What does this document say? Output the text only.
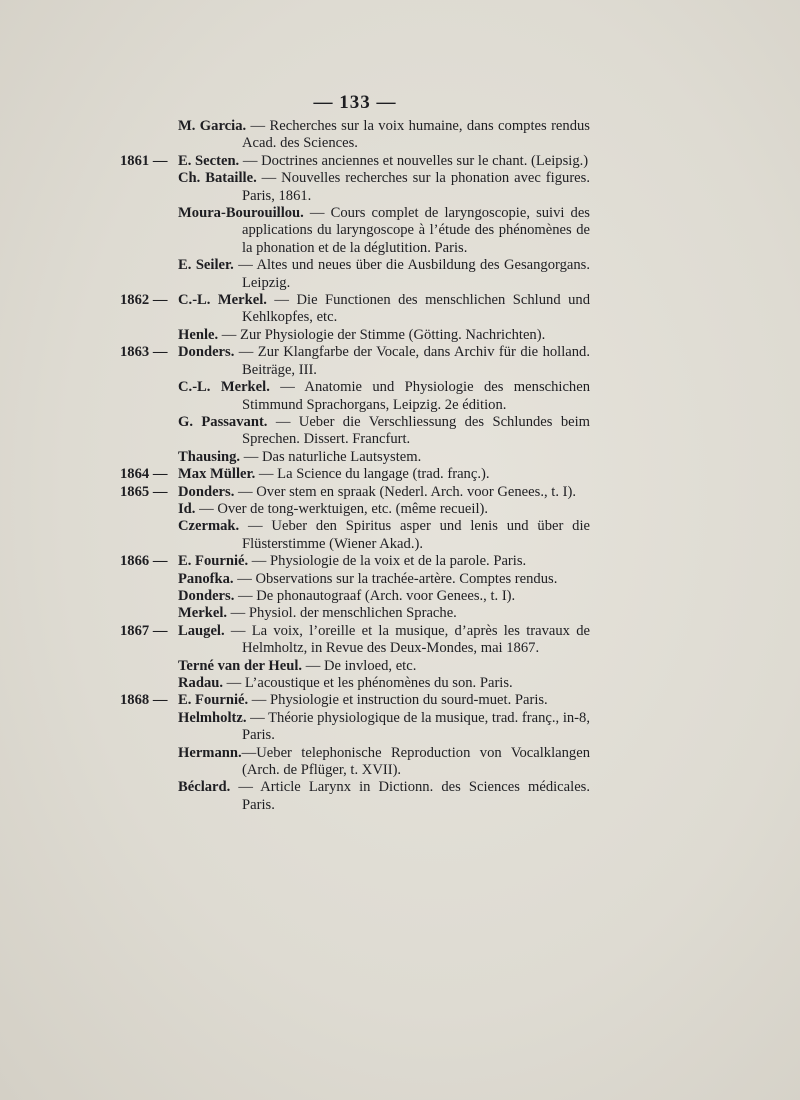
— 133 —
M. Garcia. — Recherches sur la voix humaine, dans comptes rendus Acad. des Sciences.
1861 — E. Secten. — Doctrines anciennes et nouvelles sur le chant. (Leipsig.)
Ch. Bataille. — Nouvelles recherches sur la phonation avec figures. Paris, 1861.
Moura-Bourouillou. — Cours complet de laryngoscopie, suivi des applications du laryngoscope à l’étude des phénomènes de la phonation et de la déglutition. Paris.
E. Seiler. — Altes und neues über die Ausbildung des Gesangorgans. Leipzig.
1862 — C.-L. Merkel. — Die Functionen des menschlichen Schlund und Kehlkopfes, etc.
Henle. — Zur Physiologie der Stimme (Götting. Nachrichten).
1863 — Donders. — Zur Klangfarbe der Vocale, dans Archiv für die holland. Beiträge, III.
C.-L. Merkel. — Anatomie und Physiologie des menschichen Stimmund Sprachorgans, Leipzig. 2e édition.
G. Passavant. — Ueber die Verschliessung des Schlundes beim Sprechen. Dissert. Francfurt.
Thausing. — Das naturliche Lautsystem.
1864 — Max Müller. — La Science du langage (trad. franç.).
1865 — Donders. — Over stem en spraak (Nederl. Arch. voor Genees., t. I).
Id. — Over de tong-werktuigen, etc. (même recueil).
Czermak. — Ueber den Spiritus asper und lenis und über die Flüsterstimme (Wiener Akad.).
1866 — E. Fournié. — Physiologie de la voix et de la parole. Paris.
Panofka. — Observations sur la trachée-artère. Comptes rendus.
Donders. — De phonautograaf (Arch. voor Genees., t. I).
Merkel. — Physiol. der menschlichen Sprache.
1867 — Laugel. — La voix, l’oreille et la musique, d’après les travaux de Helmholtz, in Revue des Deux-Mondes, mai 1867.
Terné van der Heul. — De invloed, etc.
Radau. — L’acoustique et les phénomènes du son. Paris.
1868 — E. Fournié. — Physiologie et instruction du sourd-muet. Paris.
Helmholtz. — Théorie physiologique de la musique, trad. franç., in-8, Paris.
Hermann.—Ueber telephonische Reproduction von Vocalklangen (Arch. de Pflüger, t. XVII).
Béclard. — Article Larynx in Dictionn. des Sciences médicales. Paris.
